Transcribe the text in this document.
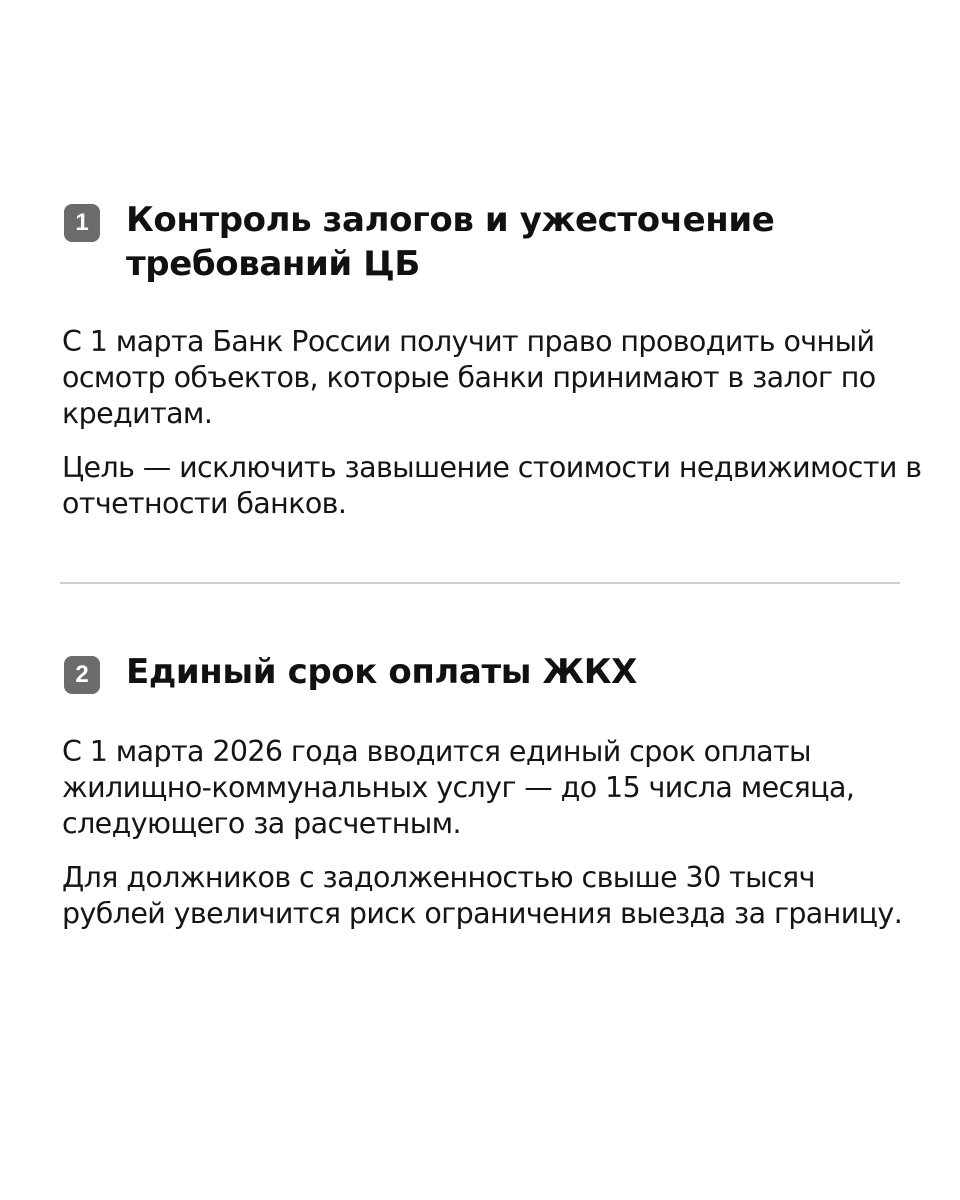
1	Контроль залогов и ужесточение требований ЦБ

С 1 марта Банк России получит право проводить очный осмотр объектов, которые банки принимают в залог по кредитам.

Цель — исключить завышение стоимости недвижимости в отчетности банков.

2	Единый срок оплаты ЖКХ

С 1 марта 2026 года вводится единый срок оплаты жилищно-коммунальных услуг — до 15 числа месяца, следующего за расчетным.

Для должников с задолженностью свыше 30 тысяч рублей увеличится риск ограничения выезда за границу.
